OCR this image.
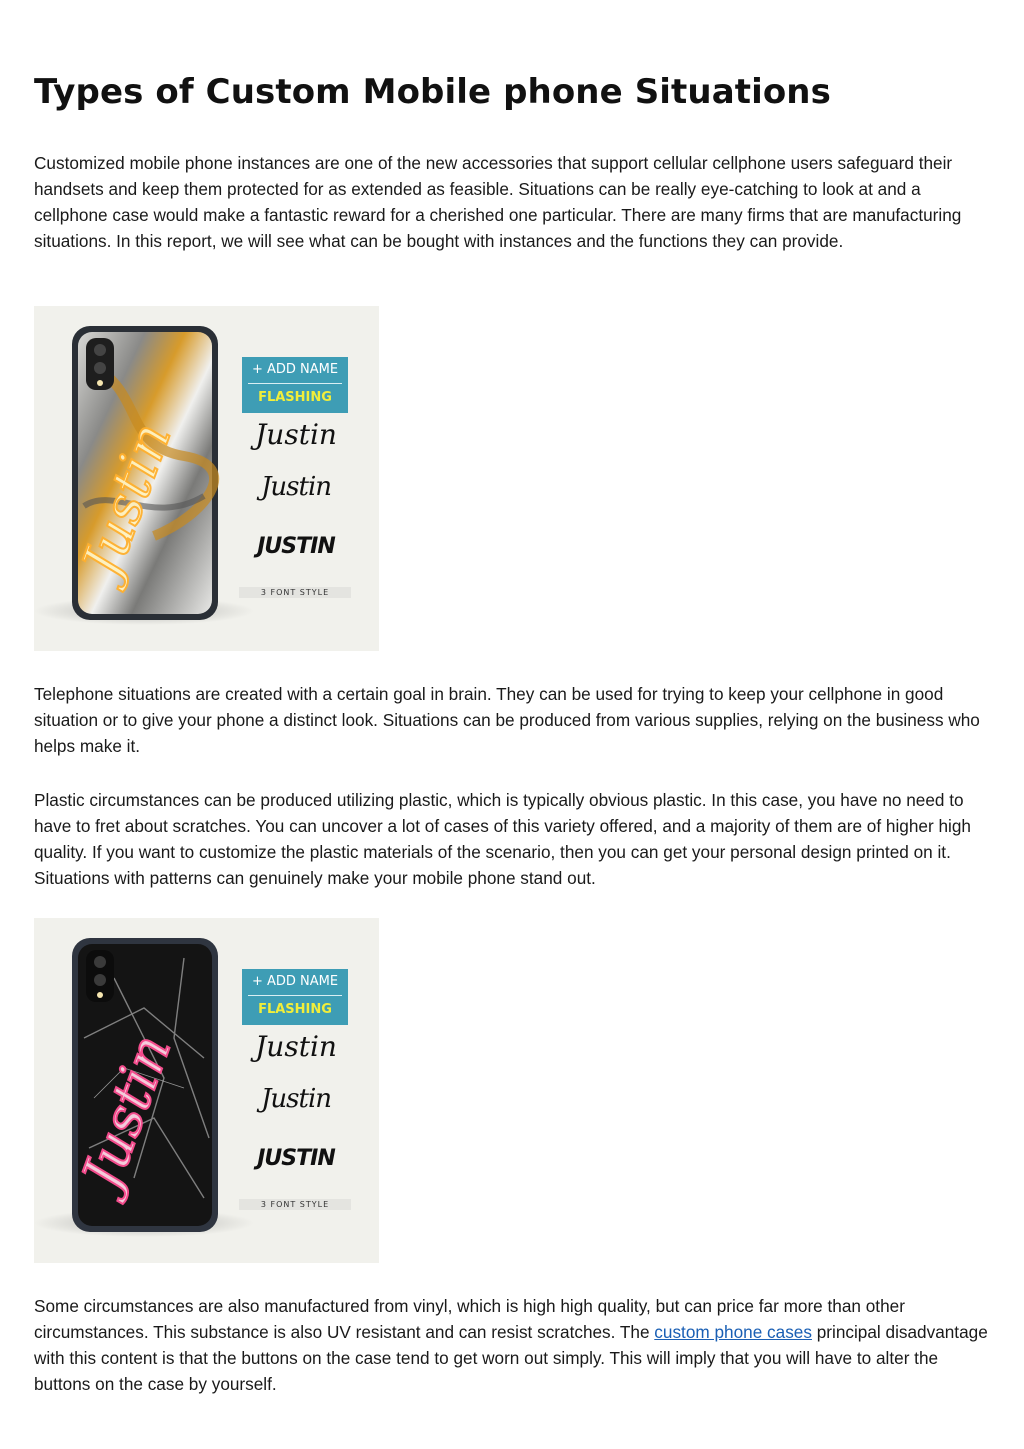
Types of Custom Mobile phone Situations

Customized mobile phone instances are one of the new accessories that support cellular cellphone users safeguard their handsets and keep them protected for as extended as feasible. Situations can be really eye-catching to look at and a cellphone case would make a fantastic reward for a cherished one particular. There are many firms that are manufacturing situations. In this report, we will see what can be bought with instances and the functions they can provide.

Justin
+ ADD NAME
FLASHING
Justin
Justin
JUSTIN
3 FONT STYLE

Telephone situations are created with a certain goal in brain. They can be used for trying to keep your cellphone in good situation or to give your phone a distinct look. Situations can be produced from various supplies, relying on the business who helps make it.

Plastic circumstances can be produced utilizing plastic, which is typically obvious plastic. In this case, you have no need to have to fret about scratches. You can uncover a lot of cases of this variety offered, and a majority of them are of higher high quality. If you want to customize the plastic materials of the scenario, then you can get your personal design printed on it. Situations with patterns can genuinely make your mobile phone stand out.

Justin
+ ADD NAME
FLASHING
Justin
Justin
JUSTIN
3 FONT STYLE

Some circumstances are also manufactured from vinyl, which is high high quality, but can price far more than other circumstances. This substance is also UV resistant and can resist scratches. The custom phone cases principal disadvantage with this content is that the buttons on the case tend to get worn out simply. This will imply that you will have to alter the buttons on the case by yourself.
